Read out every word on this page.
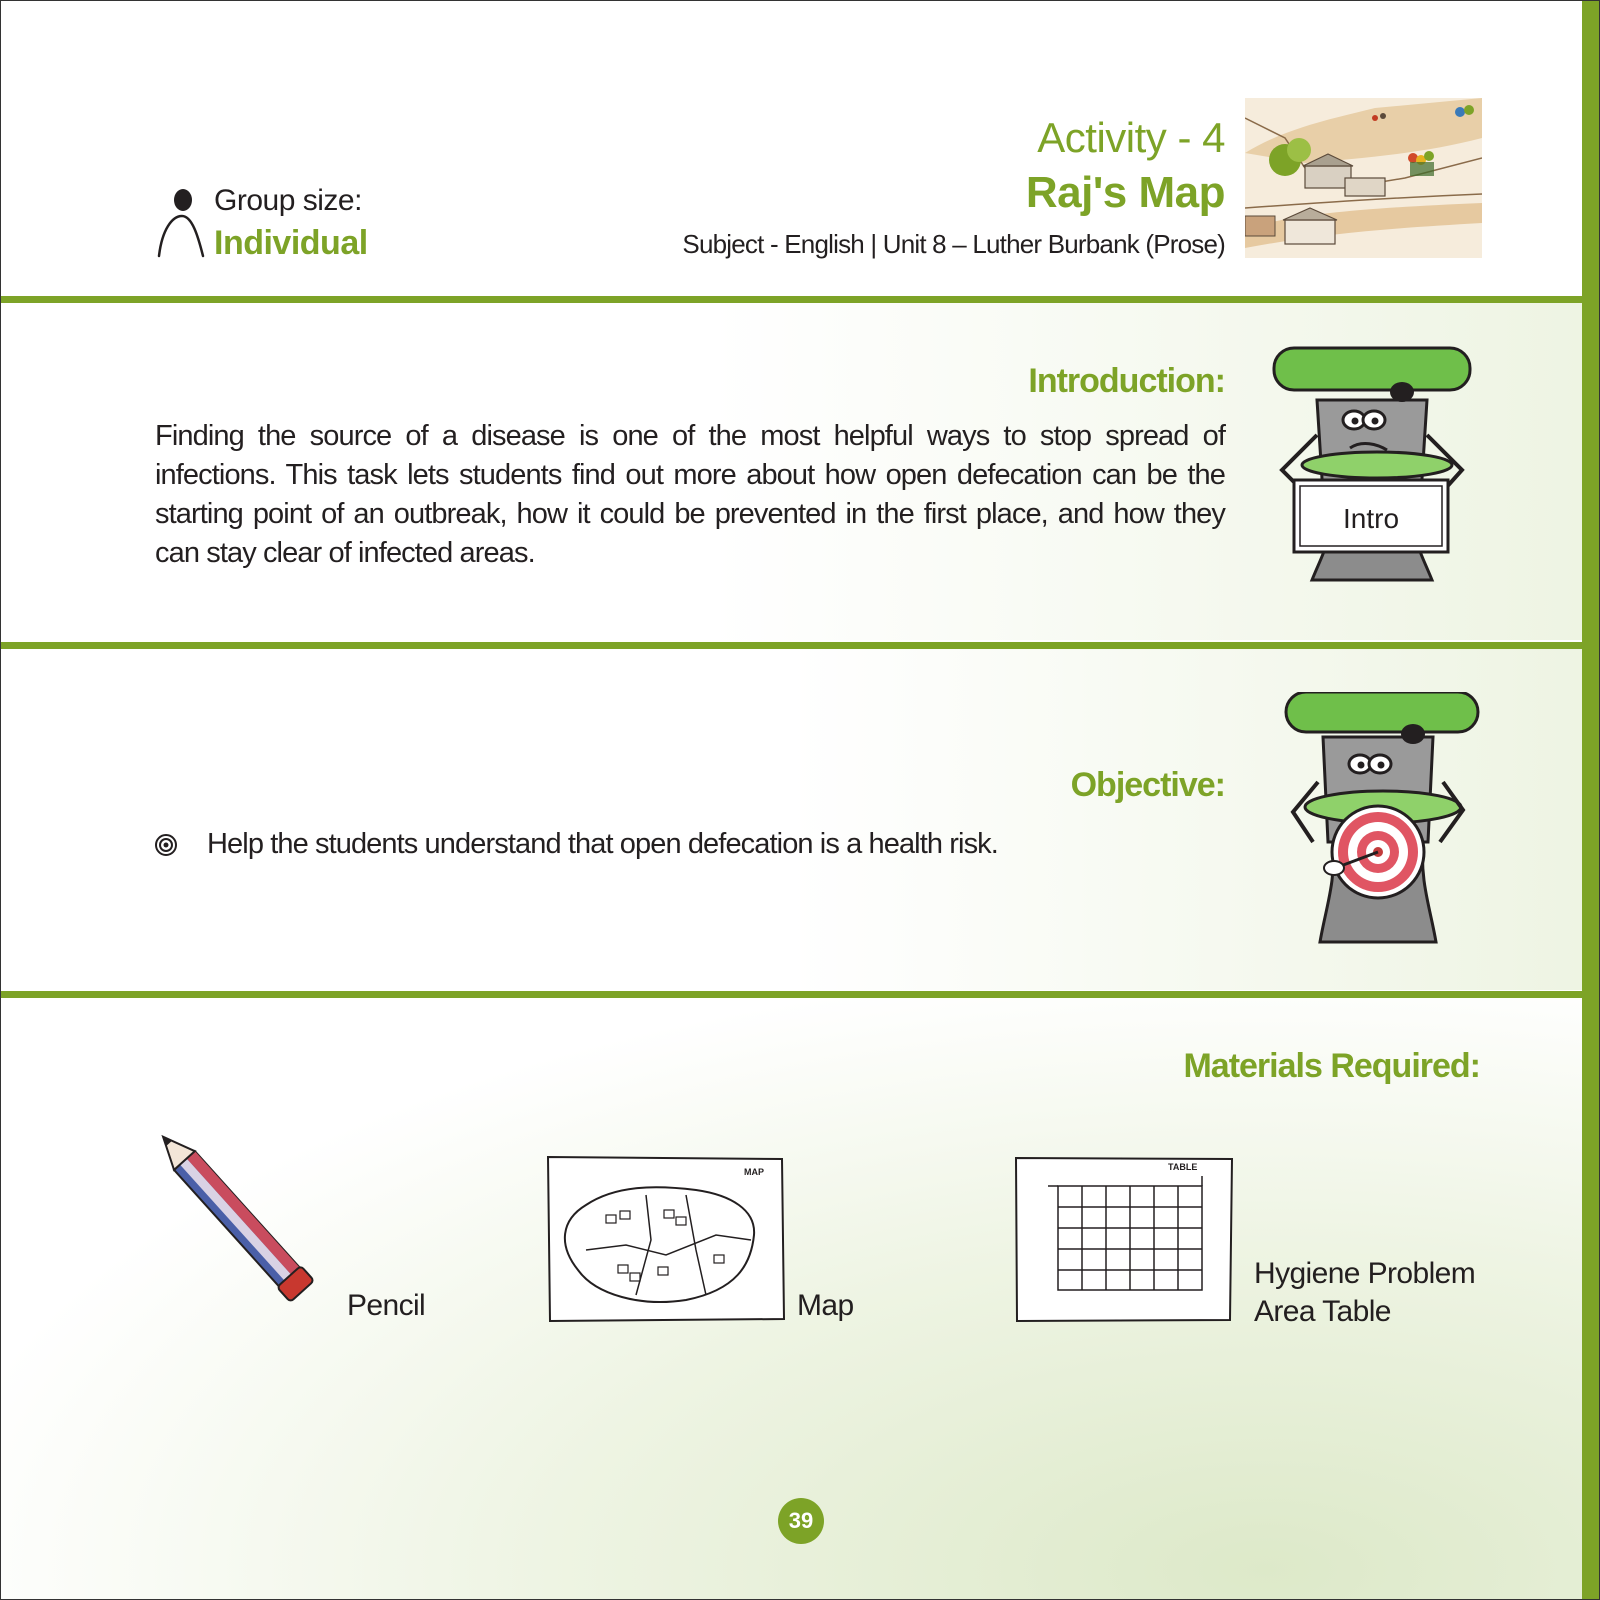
Group size:
Individual
Activity - 4
Raj's Map
Subject - English | Unit 8 – Luther Burbank (Prose)
Introduction:

Finding the source of a disease is one of the most helpful ways to stop spread of infections. This task lets students find out more about how open defecation can be the starting point of an outbreak, how it could be prevented in the first place, and how they can stay clear of infected areas.

Intro
Objective:
Help the students understand that open defecation is a health risk.
Materials Required:
Pencil
MAP
Map
TABLE
Hygiene Problem
Area Table
39
